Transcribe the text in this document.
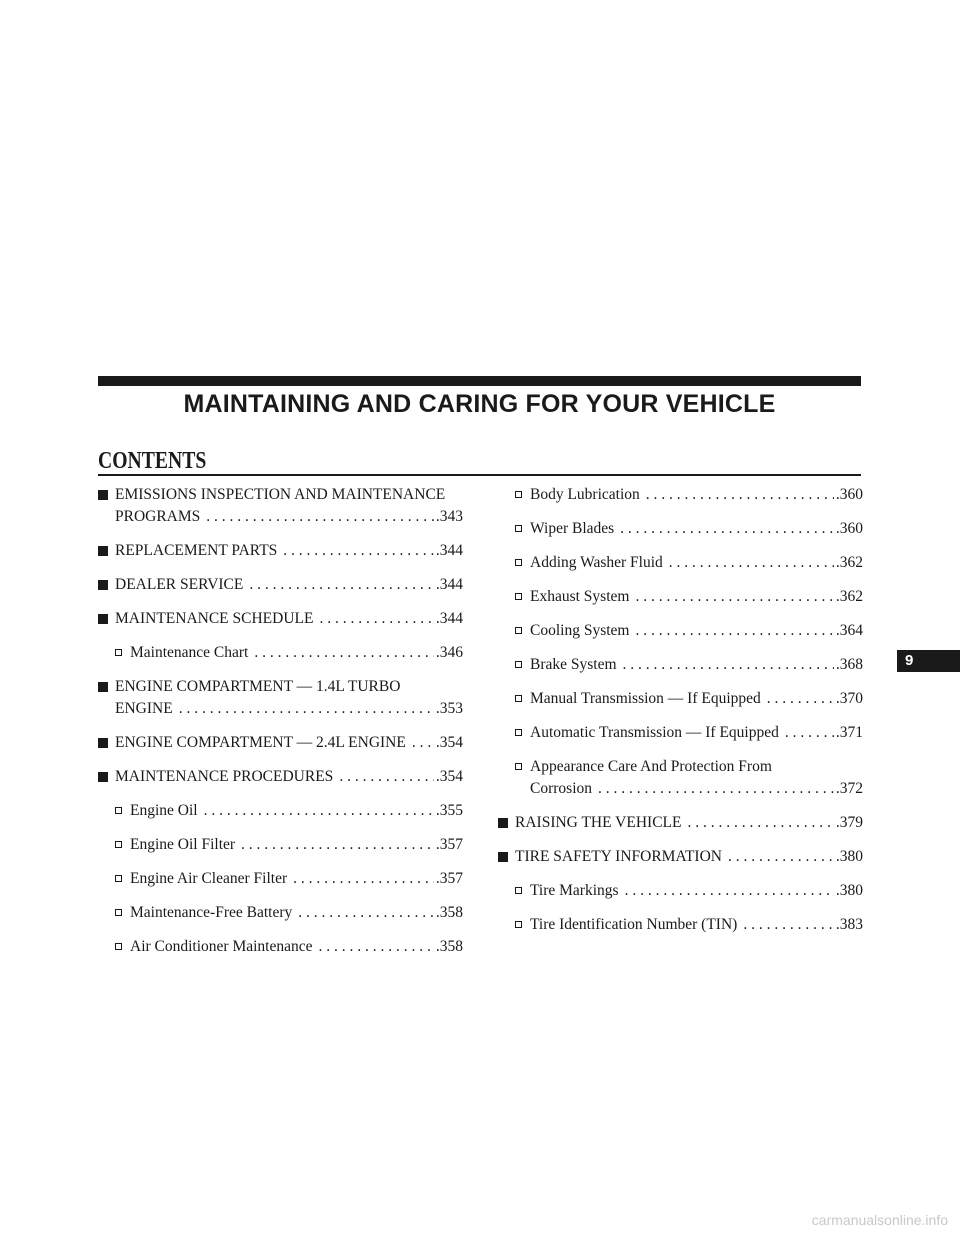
MAINTAINING AND CARING FOR YOUR VEHICLE
CONTENTS
EMISSIONS INSPECTION AND MAINTENANCE
PROGRAMS . . .	.343
REPLACEMENT PARTS . . .	.344
DEALER SERVICE . . .	.344
MAINTENANCE SCHEDULE . . .	.344
Maintenance Chart . . .	.346
ENGINE COMPARTMENT — 1.4L TURBO
ENGINE . . .	.353
ENGINE COMPARTMENT — 2.4L ENGINE . . . .354
MAINTENANCE PROCEDURES . . .	.354
Engine Oil . . .	.355
Engine Oil Filter . . .	.357
Engine Air Cleaner Filter . . .	.357
Maintenance-Free Battery . . .	.358
Air Conditioner Maintenance . . .	.358
Body Lubrication . . .	.360
Wiper Blades . . .	.360
Adding Washer Fluid . . .	.362
Exhaust System . . .	.362
Cooling System . . .	.364
Brake System . . .	.368
Manual Transmission — If Equipped . . .	.370
Automatic Transmission — If Equipped . . .	.371
Appearance Care And Protection From
Corrosion . . .	.372
RAISING THE VEHICLE . . .	.379
TIRE SAFETY INFORMATION . . .	.380
Tire Markings . . .	.380
Tire Identification Number (TIN) . . .	.383
9
carmanualsonline.info
